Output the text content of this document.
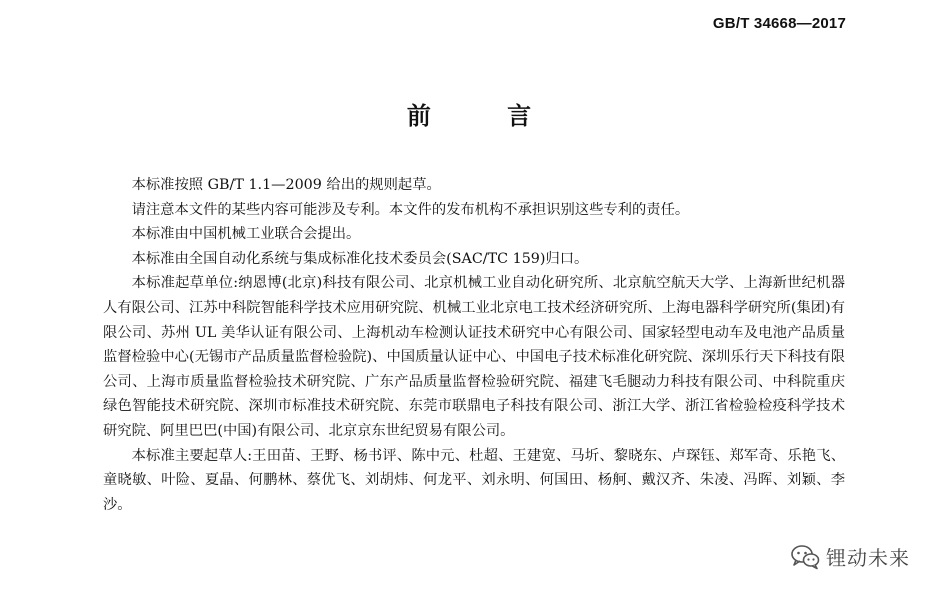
GB/T 34668—2017
前 言

本标准按照 GB/T 1.1—2009 给出的规则起草。

请注意本文件的某些内容可能涉及专利。本文件的发布机构不承担识别这些专利的责任。

本标准由中国机械工业联合会提出。

本标准由全国自动化系统与集成标准化技术委员会(SAC/TC 159)归口。

本标准起草单位:纳恩博(北京)科技有限公司、北京机械工业自动化研究所、北京航空航天大学、上海新世纪机器人有限公司、江苏中科院智能科学技术应用研究院、机械工业北京电工技术经济研究所、上海电器科学研究所(集团)有限公司、苏州 UL 美华认证有限公司、上海机动车检测认证技术研究中心有限公司、国家轻型电动车及电池产品质量监督检验中心(无锡市产品质量监督检验院)、中国质量认证中心、中国电子技术标准化研究院、深圳乐行天下科技有限公司、上海市质量监督检验技术研究院、广东产品质量监督检验研究院、福建飞毛腿动力科技有限公司、中科院重庆绿色智能技术研究院、深圳市标准技术研究院、东莞市联鼎电子科技有限公司、浙江大学、浙江省检验检疫科学技术研究院、阿里巴巴(中国)有限公司、北京京东世纪贸易有限公司。

本标准主要起草人:王田苗、王野、杨书评、陈中元、杜超、王建宽、马圻、黎晓东、卢琛钰、郑军奇、乐艳飞、童晓敏、叶险、夏晶、何鹏林、蔡优飞、刘胡炜、何龙平、刘永明、何国田、杨舸、戴汉齐、朱凌、冯晖、刘颖、李沙。

锂动未来
